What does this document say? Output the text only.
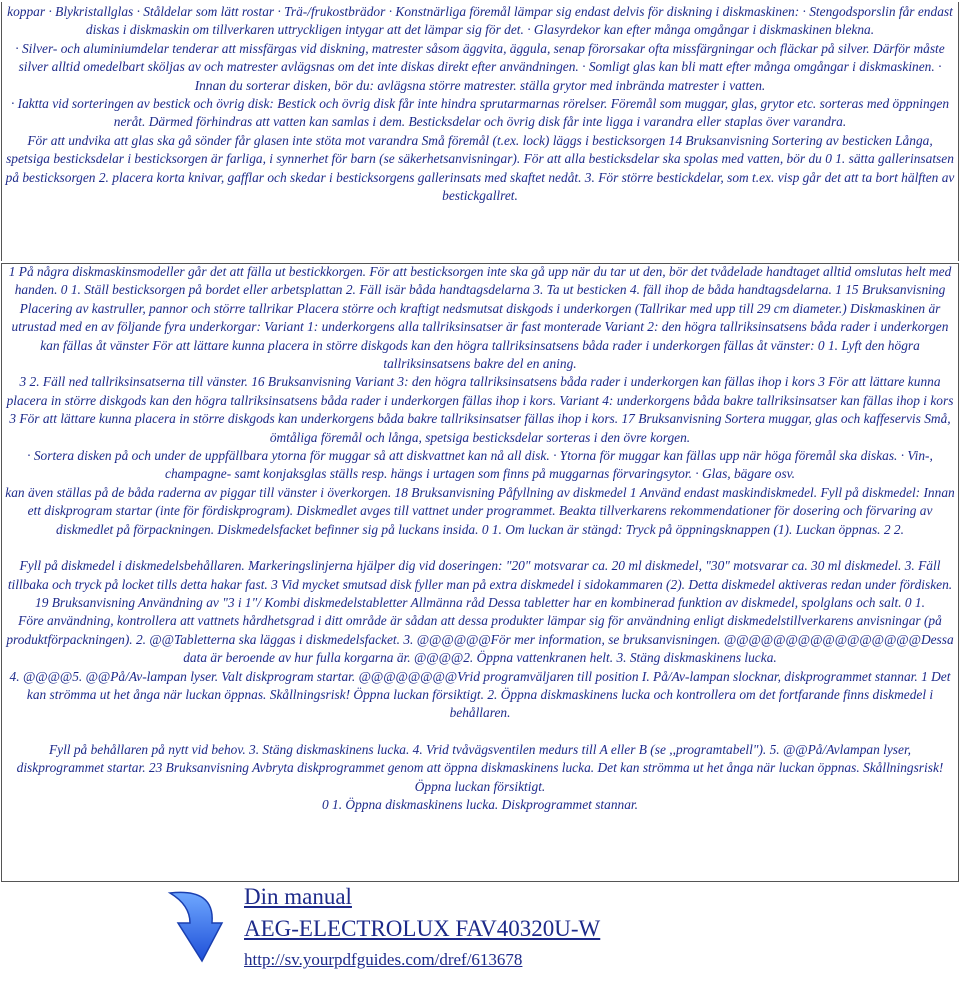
koppar · Blykristallglas · Ståldelar som lätt rostar · Trä-/frukostbrädor · Konstnärliga föremål lämpar sig endast delvis för diskning i diskmaskinen: · Stengodsporslin får endast diskas i diskmaskin om tillverkaren uttryckligen intygar att det lämpar sig för det. · Glasyrdekor kan efter många omgångar i diskmaskinen blekna.

· Silver- och aluminiumdelar tenderar att missfärgas vid diskning, matrester såsom äggvita, äggula, senap förorsakar ofta missfärgningar och fläckar på silver. Därför måste silver alltid omedelbart sköljas av och matrester avlägsnas om det inte diskas direkt efter användningen. · Somligt glas kan bli matt efter många omgångar i diskmaskinen. · Innan du sorterar disken, bör du: avlägsna större matrester. ställa grytor med inbrända matrester i vatten.

· Iaktta vid sorteringen av bestick och övrig disk: Bestick och övrig disk får inte hindra sprutarmarnas rörelser. Föremål som muggar, glas, grytor etc. sorteras med öppningen neråt. Därmed förhindras att vatten kan samlas i dem. Besticksdelar och övrig disk får inte ligga i varandra eller staplas över varandra.

För att undvika att glas ska gå sönder får glasen inte stöta mot varandra Små föremål (t.ex. lock) läggs i besticksorgen 14 Bruksanvisning Sortering av besticken Långa, spetsiga besticksdelar i besticksorgen är farliga, i synnerhet för barn (se säkerhetsanvisningar). För att alla besticksdelar ska spolas med vatten, bör du 0 1. sätta gallerinsatsen på besticksorgen 2. placera korta knivar, gafflar och skedar i besticksorgens gallerinsats med skaftet nedåt. 3. För större bestickdelar, som t.ex. visp går det att ta bort hälften av bestickgallret.

1 På några diskmaskinsmodeller går det att fälla ut bestickkorgen. För att besticksorgen inte ska gå upp när du tar ut den, bör det tvådelade handtaget alltid omslutas helt med handen. 0 1. Ställ besticksorgen på bordet eller arbetsplattan 2. Fäll isär båda handtagsdelarna 3. Ta ut besticken 4. fäll ihop de båda handtagsdelarna. 1 15 Bruksanvisning Placering av kastruller, pannor och större tallrikar Placera större och kraftigt nedsmutsat diskgods i underkorgen (Tallrikar med upp till 29 cm diameter.) Diskmaskinen är utrustad med en av följande fyra underkorgar: Variant 1: underkorgens alla tallriksinsatser är fast monterade Variant 2: den högra tallriksinsatsens båda rader i underkorgen kan fällas åt vänster För att lättare kunna placera in större diskgods kan den högra tallriksinsatsens båda rader i underkorgen fällas åt vänster: 0 1. Lyft den högra tallriksinsatsens bakre del en aning.

3 2. Fäll ned tallriksinsatserna till vänster. 16 Bruksanvisning Variant 3: den högra tallriksinsatsens båda rader i underkorgen kan fällas ihop i kors 3 För att lättare kunna placera in större diskgods kan den högra tallriksinsatsens båda rader i underkorgen fällas ihop i kors. Variant 4: underkorgens båda bakre tallriksinsatser kan fällas ihop i kors 3 För att lättare kunna placera in större diskgods kan underkorgens båda bakre tallriksinsatser fällas ihop i kors. 17 Bruksanvisning Sortera muggar, glas och kaffeservis Små, ömtåliga föremål och långa, spetsiga besticksdelar sorteras i den övre korgen.

· Sortera disken på och under de uppfällbara ytorna för muggar så att diskvattnet kan nå all disk. · Ytorna för muggar kan fällas upp när höga föremål ska diskas. · Vin-, champagne- samt konjaksglas ställs resp. hängs i urtagen som finns på muggarnas förvaringsytor. · Glas, bägare osv.

kan även ställas på de båda raderna av piggar till vänster i överkorgen. 18 Bruksanvisning Påfyllning av diskmedel 1 Använd endast maskindiskmedel. Fyll på diskmedel: Innan ett diskprogram startar (inte för fördiskprogram). Diskmedlet avges till vattnet under programmet. Beakta tillverkarens rekommendationer för dosering och förvaring av diskmedlet på förpackningen. Diskmedelsfacket befinner sig på luckans insida. 0 1. Om luckan är stängd: Tryck på öppningsknappen (1). Luckan öppnas. 2 2.

Fyll på diskmedel i diskmedelsbehållaren. Markeringslinjerna hjälper dig vid doseringen: "20" motsvarar ca. 20 ml diskmedel, "30" motsvarar ca. 30 ml diskmedel. 3. Fäll tillbaka och tryck på locket tills detta hakar fast. 3 Vid mycket smutsad disk fyller man på extra diskmedel i sidokammaren (2). Detta diskmedel aktiveras redan under fördisken. 19 Bruksanvisning Användning av "3 i 1"/ Kombi diskmedelstabletter Allmänna råd Dessa tabletter har en kombinerad funktion av diskmedel, spolglans och salt. 0 1.

Före användning, kontrollera att vattnets hårdhetsgrad i ditt område är sådan att dessa produkter lämpar sig för användning enligt diskmedelstillverkarens anvisningar (på produktförpackningen). 2. @@Tabletterna ska läggas i diskmedelsfacket. 3. @@@@@@För mer information, se bruksanvisningen. @@@@@@@@@@@@@@@@Dessa data är beroende av hur fulla korgarna är. @@@@2. Öppna vattenkranen helt. 3. Stäng diskmaskinens lucka.

4. @@@@5. @@På/Av-lampan lyser. Valt diskprogram startar. @@@@@@@@Vrid programväljaren till position I. På/Av-lampan slocknar, diskprogrammet stannar. 1 Det kan strömma ut het ånga när luckan öppnas. Skållningsrisk! Öppna luckan försiktigt. 2. Öppna diskmaskinens lucka och kontrollera om det fortfarande finns diskmedel i behållaren.

Fyll på behållaren på nytt vid behov. 3. Stäng diskmaskinens lucka. 4. Vrid tvåvägsventilen medurs till A eller B (se ,,programtabell"). 5. @@På/Avlampan lyser, diskprogrammet startar. 23 Bruksanvisning Avbryta diskprogrammet genom att öppna diskmaskinens lucka. Det kan strömma ut het ånga när luckan öppnas. Skållningsrisk! Öppna luckan försiktigt.

0 1. Öppna diskmaskinens lucka. Diskprogrammet stannar.

Din manual
AEG-ELECTROLUX FAV40320U-W
http://sv.yourpdfguides.com/dref/613678
